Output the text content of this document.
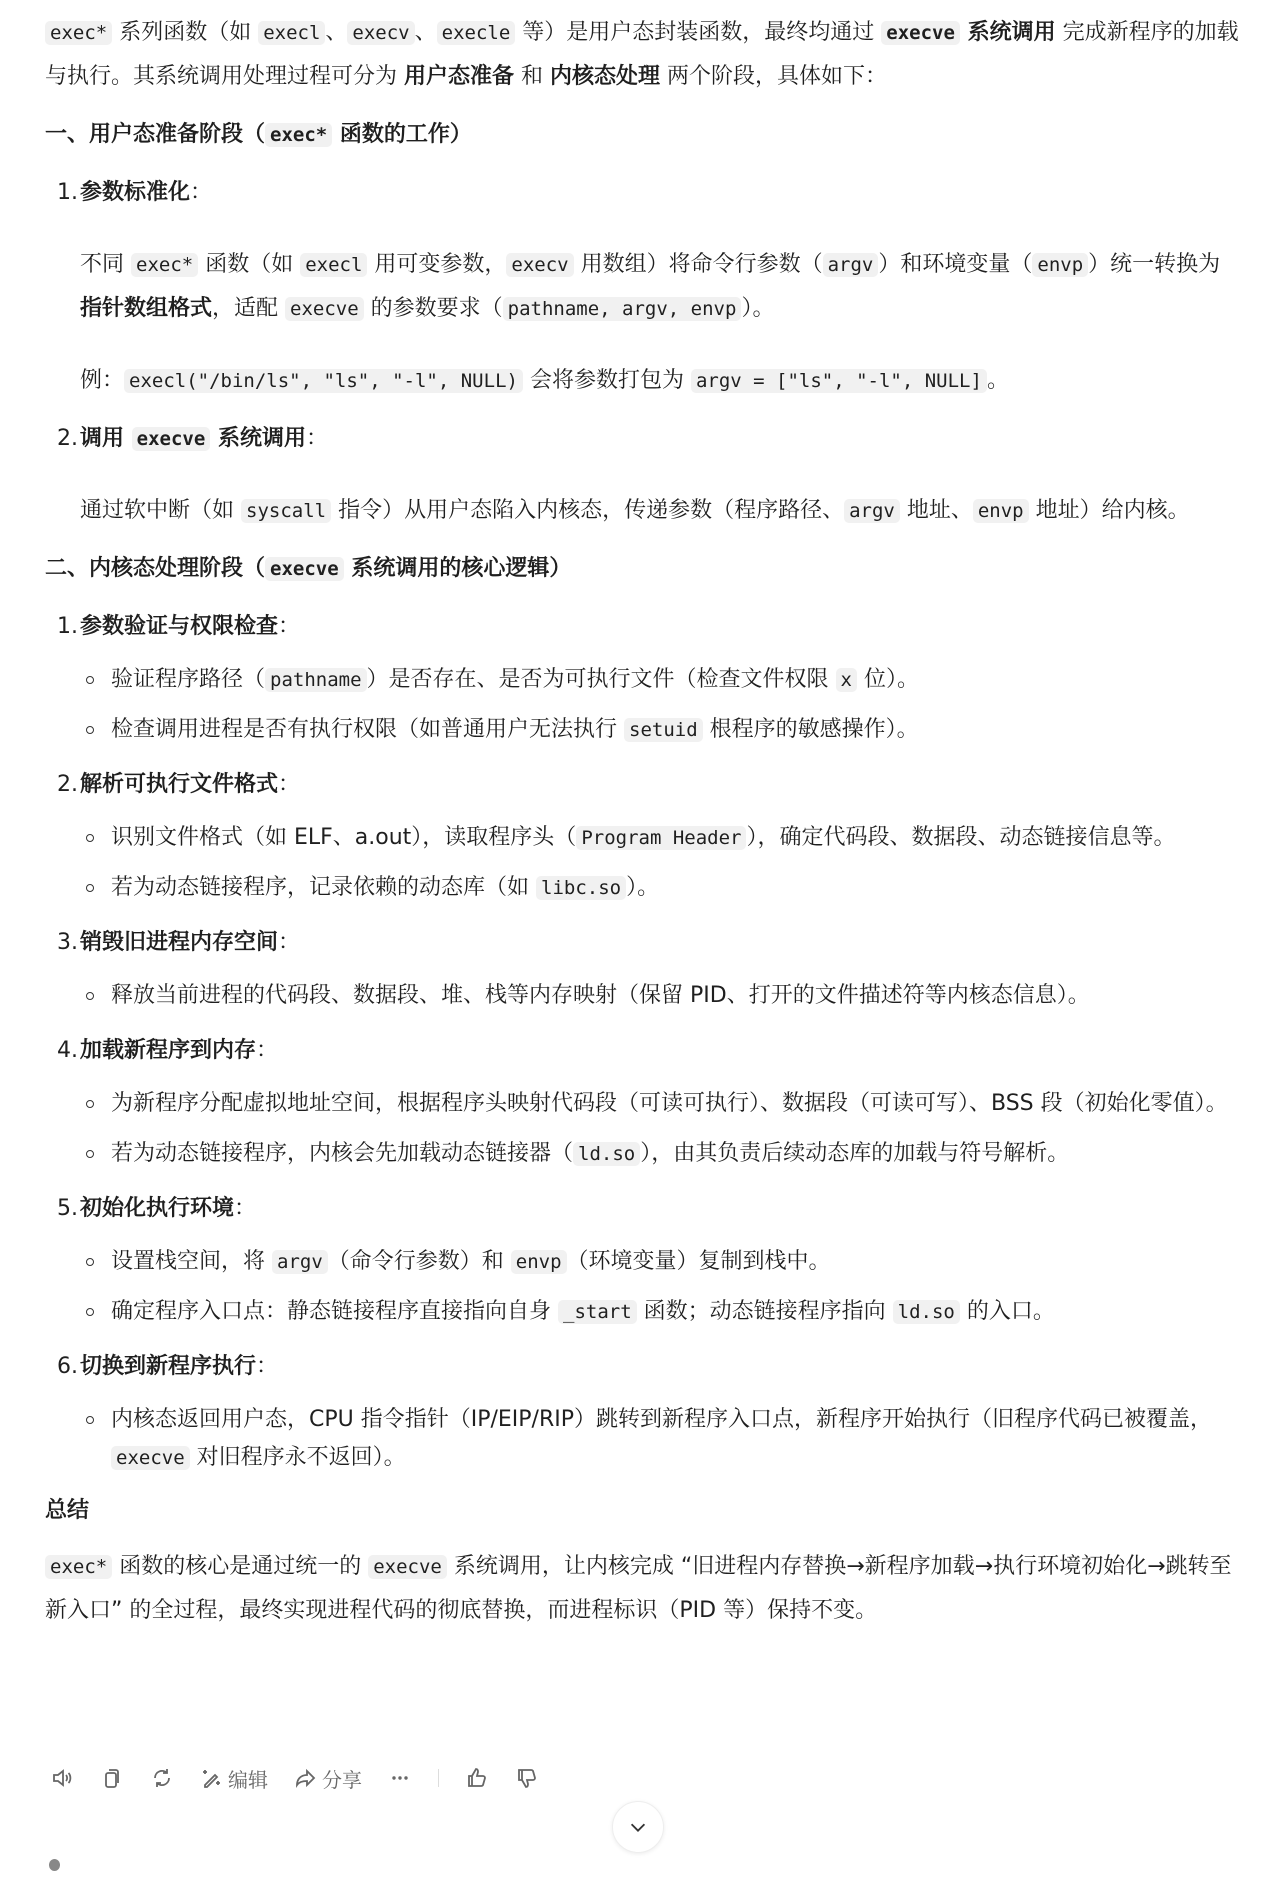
exec* 系列函数（如 execl 、 execv 、 execle 等）是用户态封装函数，最终均通过 execve 系统调用 完成新程序的加载与执行。其系统调用处理过程可分为 用户态准备 和 内核态处理 两个阶段，具体如下：

一、用户态准备阶段（ exec* 函数的工作）
1. 参数标准化：
不同 exec* 函数（如 execl 用可变参数， execv 用数组）将命令行参数（ argv ）和环境变量（ envp ）统一转换为 指针数组格式，适配 execve 的参数要求（ pathname, argv, envp ）。
例： execl("/bin/ls", "ls", "-l", NULL) 会将参数打包为 argv = ["ls", "-l", NULL] 。
2. 调用 execve 系统调用：
通过软中断（如 syscall 指令）从用户态陷入内核态，传递参数（程序路径、 argv 地址、 envp 地址）给内核。
二、内核态处理阶段（ execve 系统调用的核心逻辑）
1. 参数验证与权限检查：
验证程序路径（ pathname ）是否存在、是否为可执行文件（检查文件权限 x 位）。
检查调用进程是否有执行权限（如普通用户无法执行 setuid 根程序的敏感操作）。
2. 解析可执行文件格式：
识别文件格式（如 ELF、a.out），读取程序头（ Program Header ），确定代码段、数据段、动态链接信息等。
若为动态链接程序，记录依赖的动态库（如 libc.so ）。
3. 销毁旧进程内存空间：
释放当前进程的代码段、数据段、堆、栈等内存映射（保留 PID、打开的文件描述符等内核态信息）。
4. 加载新程序到内存：
为新程序分配虚拟地址空间，根据程序头映射代码段（可读可执行）、数据段（可读可写）、BSS 段（初始化零值）。
若为动态链接程序，内核会先加载动态链接器（ ld.so ），由其负责后续动态库的加载与符号解析。
5. 初始化执行环境：
设置栈空间，将 argv （命令行参数）和 envp （环境变量）复制到栈中。
确定程序入口点：静态链接程序直接指向自身 _start 函数；动态链接程序指向 ld.so 的入口。
6. 切换到新程序执行：
内核态返回用户态，CPU 指令指针（IP/EIP/RIP）跳转到新程序入口点，新程序开始执行（旧程序代码已被覆盖，execve 对旧程序永不返回）。
总结

exec* 函数的核心是通过统一的 execve 系统调用，让内核完成 “旧进程内存替换→新程序加载→执行环境初始化→跳转至新入口” 的全过程，最终实现进程代码的彻底替换，而进程标识（PID 等）保持不变。

编辑	分享
